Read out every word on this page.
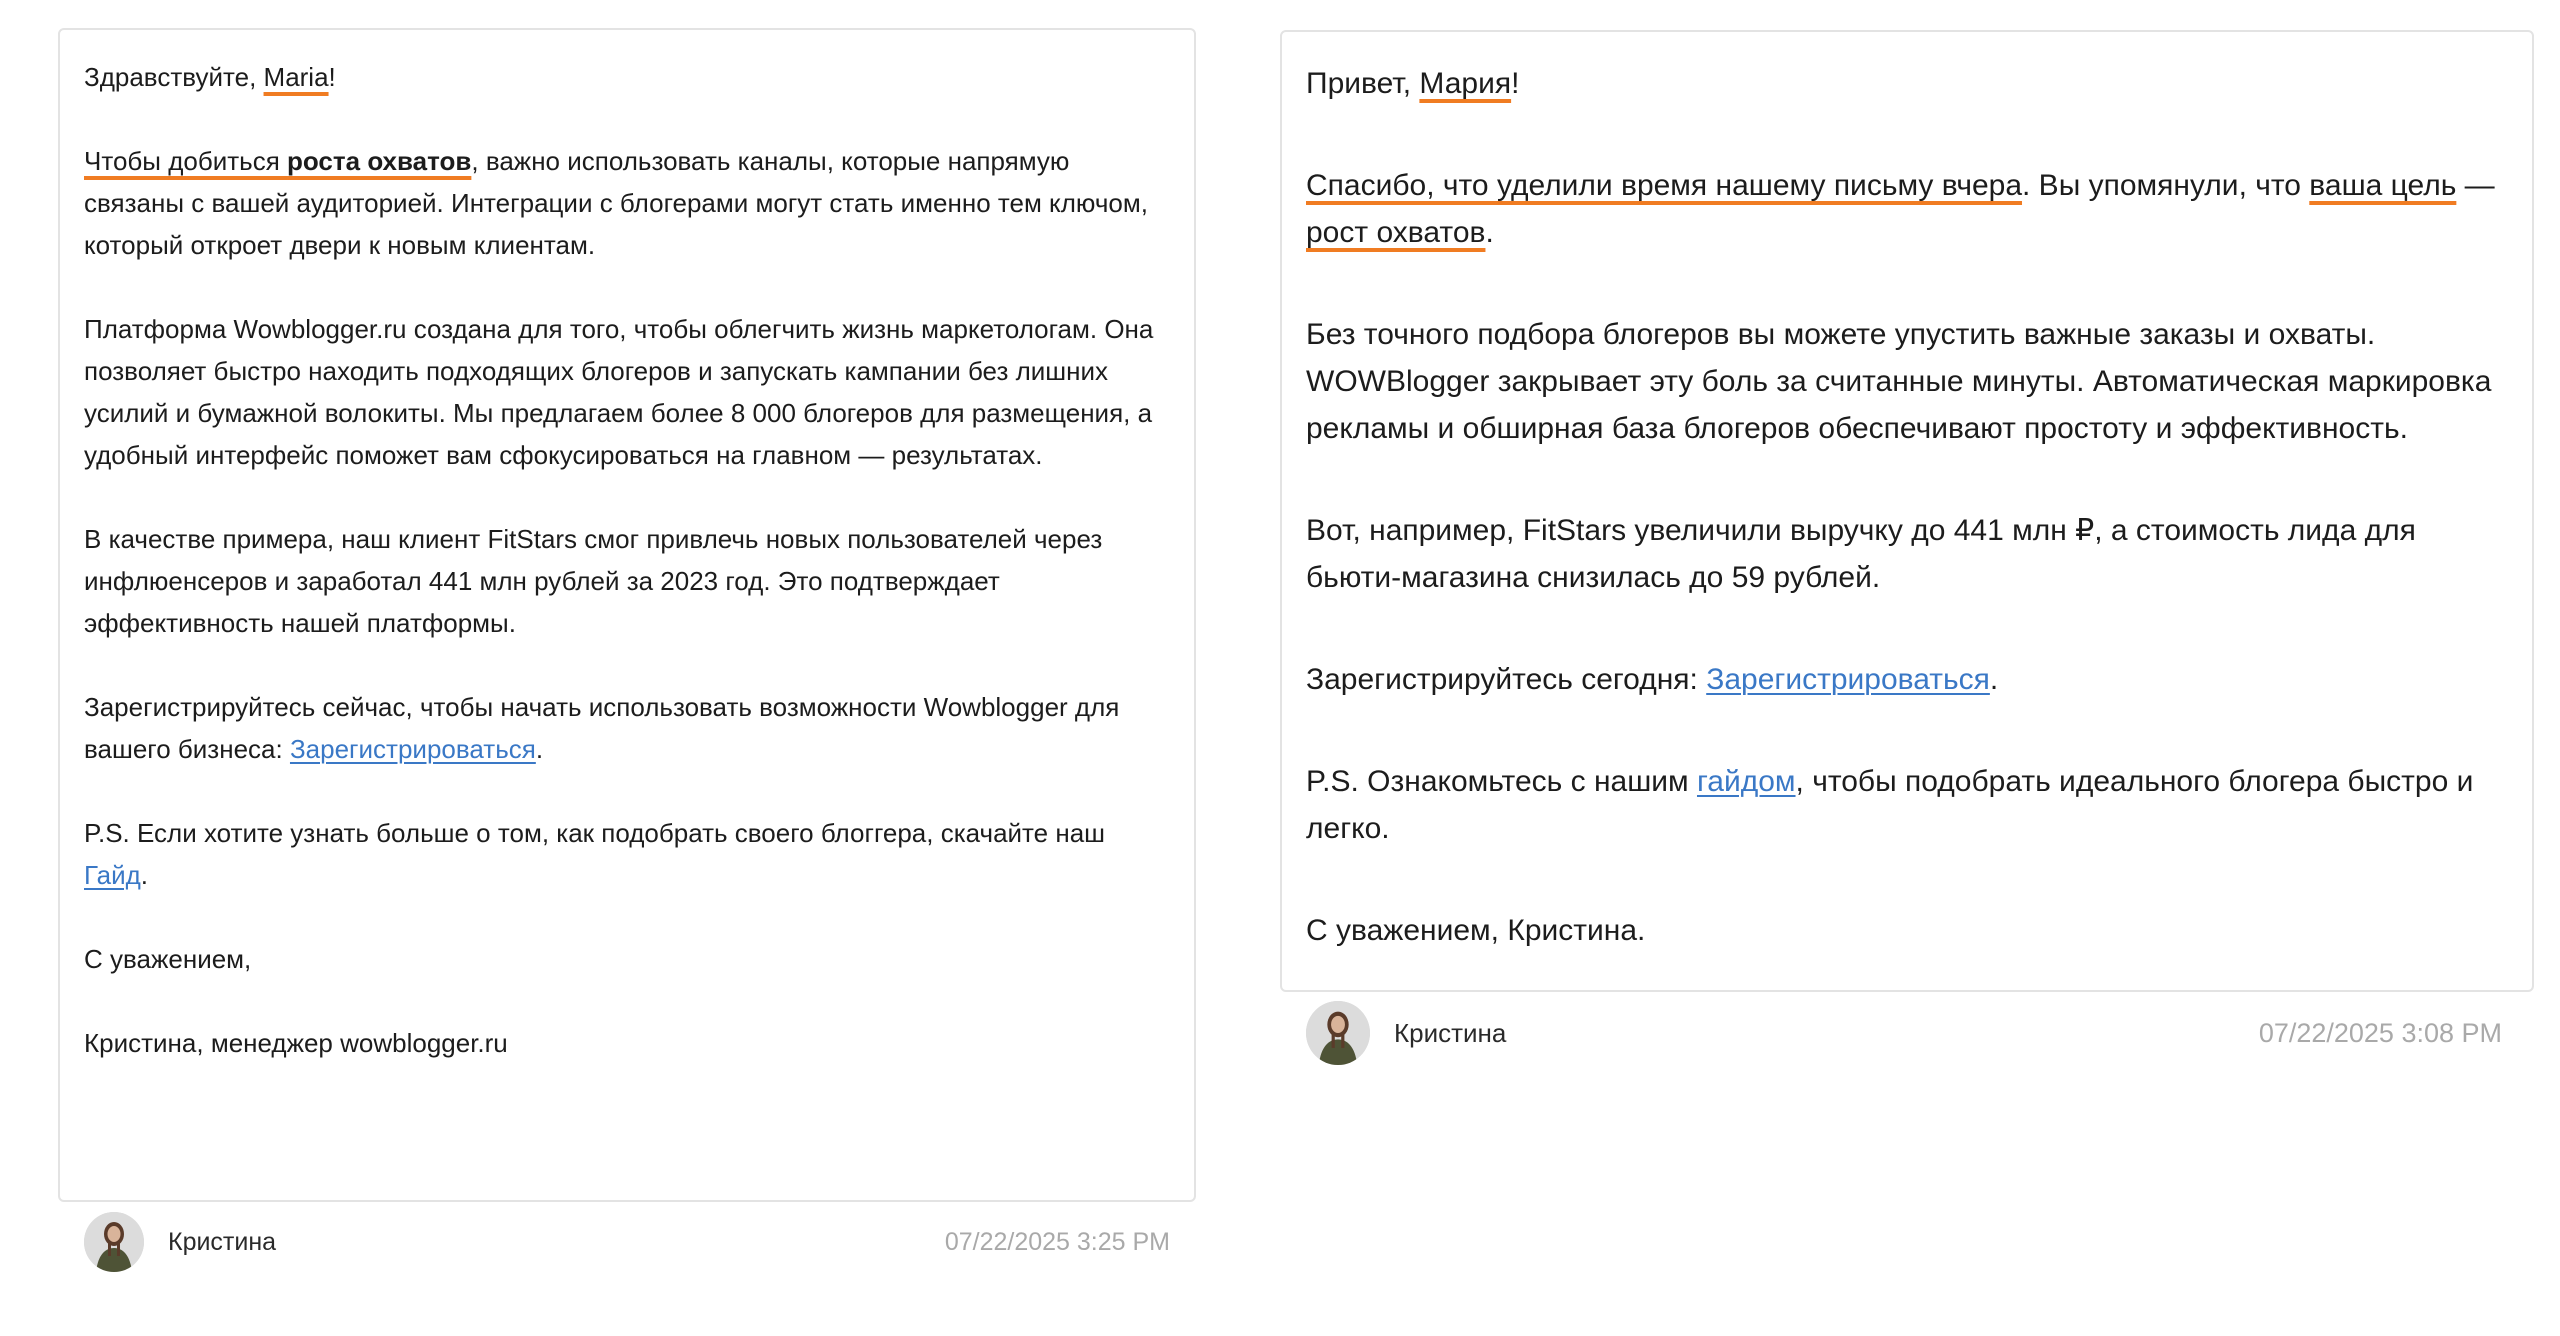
Здравствуйте, Maria!

Чтобы добиться роста охватов, важно использовать каналы, которые напрямую связаны с вашей аудиторией. Интеграции с блогерами могут стать именно тем ключом, который откроет двери к новым клиентам.

Платформа Wowblogger.ru создана для того, чтобы облегчить жизнь маркетологам. Она позволяет быстро находить подходящих блогеров и запускать кампании без лишних усилий и бумажной волокиты. Мы предлагаем более 8 000 блогеров для размещения, а удобный интерфейс поможет вам сфокусироваться на главном — результатах.

В качестве примера, наш клиент FitStars смог привлечь новых пользователей через инфлюенсеров и заработал 441 млн рублей за 2023 год. Это подтверждает эффективность нашей платформы.

Зарегистрируйтесь сейчас, чтобы начать использовать возможности Wowblogger для вашего бизнеса: Зарегистрироваться.

P.S. Если хотите узнать больше о том, как подобрать своего блоггера, скачайте наш Гайд.

С уважением,

Кристина, менеджер wowblogger.ru

Кристина	07/22/2025 3:25 PM

Привет, Мария!

Спасибо, что уделили время нашему письму вчера. Вы упомянули, что ваша цель — рост охватов.

Без точного подбора блогеров вы можете упустить важные заказы и охваты. WOWBlogger закрывает эту боль за считанные минуты. Автоматическая маркировка рекламы и обширная база блогеров обеспечивают простоту и эффективность.

Вот, например, FitStars увеличили выручку до 441 млн ₽, а стоимость лида для бьюти-магазина снизилась до 59 рублей.

Зарегистрируйтесь сегодня: Зарегистрироваться.

P.S. Ознакомьтесь с нашим гайдом, чтобы подобрать идеального блогера быстро и легко.

С уважением, Кристина.

Кристина	07/22/2025 3:08 PM
